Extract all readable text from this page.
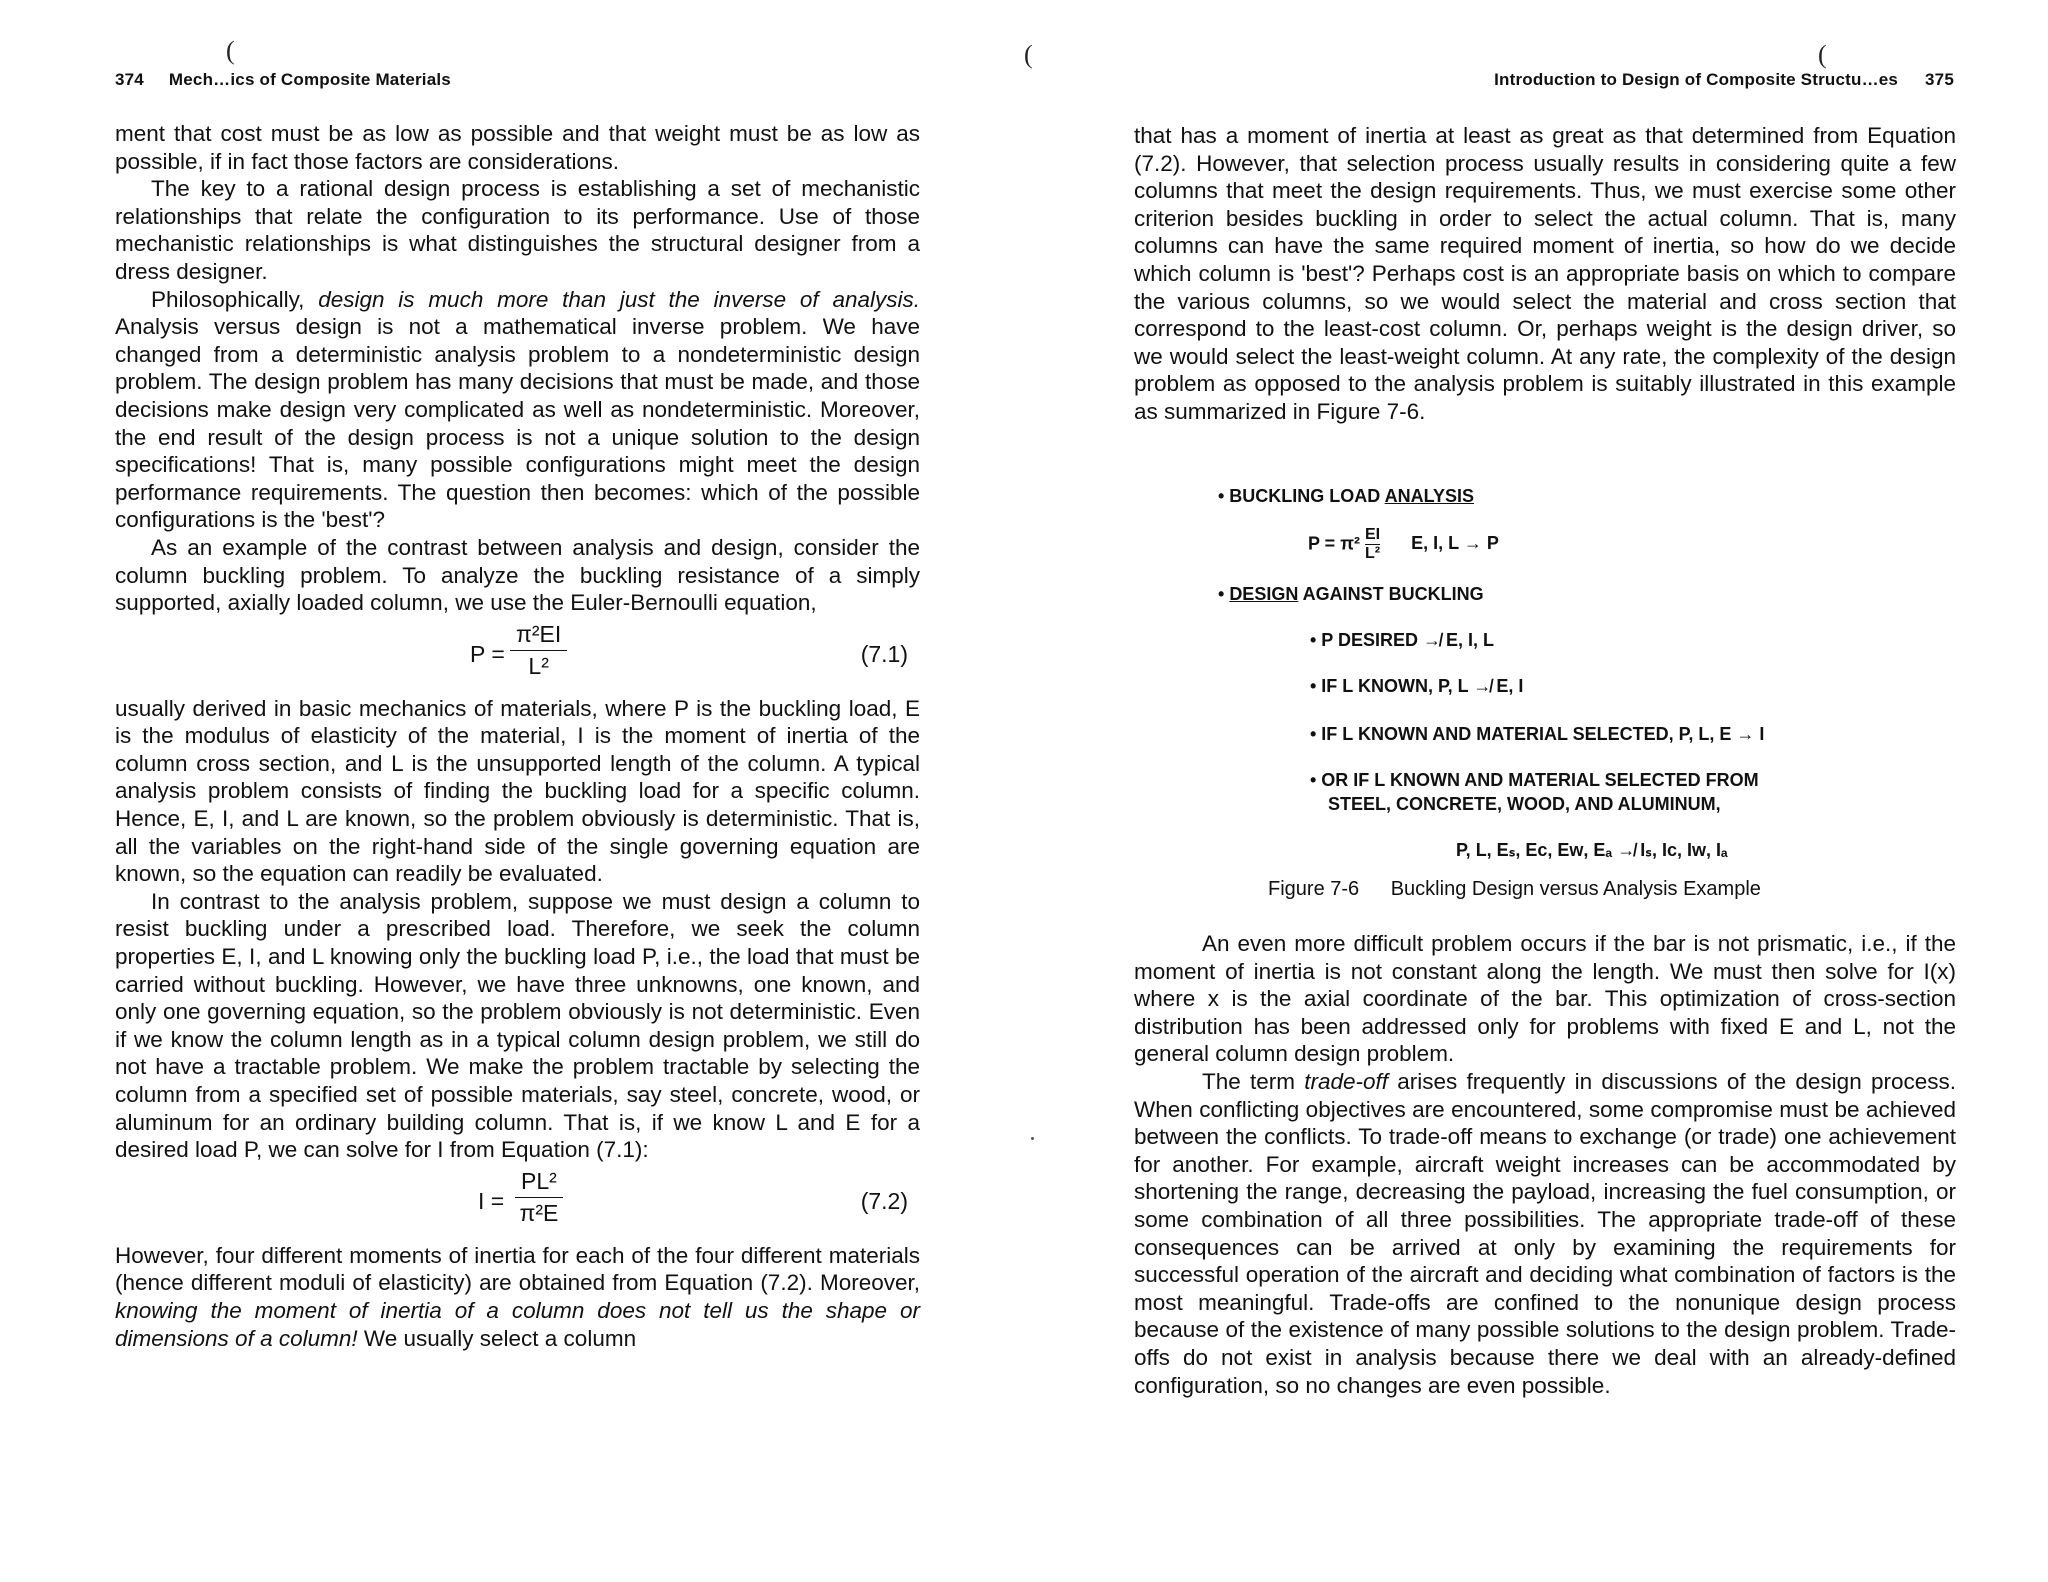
374 Mech…ics of Composite Materials
(

ment that cost must be as low as possible and that weight must be as low as possible, if in fact those factors are considerations.

The key to a rational design process is establishing a set of mechanistic relationships that relate the configuration to its performance. Use of those mechanistic relationships is what distinguishes the structural designer from a dress designer.

Philosophically, design is much more than just the inverse of analysis. Analysis versus design is not a mathematical inverse problem. We have changed from a deterministic analysis problem to a nondeterministic design problem. The design problem has many decisions that must be made, and those decisions make design very complicated as well as nondeterministic. Moreover, the end result of the design process is not a unique solution to the design specifications! That is, many possible configurations might meet the design performance requirements. The question then becomes: which of the possible configurations is the 'best'?

As an example of the contrast between analysis and design, consider the column buckling problem. To analyze the buckling resistance of a simply supported, axially loaded column, we use the Euler-Bernoulli equation,

$P = \frac{\text{π²EI}}{\text{L²}}$	(7.1)

usually derived in basic mechanics of materials, where P is the buckling load, E is the modulus of elasticity of the material, I is the moment of inertia of the column cross section, and L is the unsupported length of the column. A typical analysis problem consists of finding the buckling load for a specific column. Hence, E, I, and L are known, so the problem obviously is deterministic. That is, all the variables on the right-hand side of the single governing equation are known, so the equation can readily be evaluated.

In contrast to the analysis problem, suppose we must design a column to resist buckling under a prescribed load. Therefore, we seek the column properties E, I, and L knowing only the buckling load P, i.e., the load that must be carried without buckling. However, we have three unknowns, one known, and only one governing equation, so the problem obviously is not deterministic. Even if we know the column length as in a typical column design problem, we still do not have a tractable problem. We make the problem tractable by selecting the column from a specified set of possible materials, say steel, concrete, wood, or aluminum for an ordinary building column. That is, if we know L and E for a desired load P, we can solve for I from Equation (7.1):

$I = \frac{\text{PL²}}{\text{π²E}}$	(7.2)

However, four different moments of inertia for each of the four different materials (hence different moduli of elasticity) are obtained from Equation (7.2). Moreover, knowing the moment of inertia of a column does not tell us the shape or dimensions of a column! We usually select a column

(	(
Introduction to Design of Composite Structu…es 375

that has a moment of inertia at least as great as that determined from Equation (7.2). However, that selection process usually results in considering quite a few columns that meet the design requirements. Thus, we must exercise some other criterion besides buckling in order to select the actual column. That is, many columns can have the same required moment of inertia, so how do we decide which column is 'best'? Perhaps cost is an appropriate basis on which to compare the various columns, so we would select the material and cross section that correspond to the least-cost column. Or, perhaps weight is the design driver, so we would select the least-weight column. At any rate, the complexity of the design problem as opposed to the analysis problem is suitably illustrated in this example as summarized in Figure 7-6.

An even more difficult problem occurs if the bar is not prismatic, i.e., if the moment of inertia is not constant along the length. We must then solve for I(x) where x is the axial coordinate of the bar. This optimization of cross-section distribution has been addressed only for problems with fixed E and L, not the general column design problem.

The term trade-off arises frequently in discussions of the design process. When conflicting objectives are encountered, some compromise must be achieved between the conflicts. To trade-off means to exchange (or trade) one achievement for another. For example, aircraft weight increases can be accommodated by shortening the range, decreasing the payload, increasing the fuel consumption, or some combination of all three possibilities. The appropriate trade-off of these consequences can be arrived at only by examining the requirements for successful operation of the aircraft and deciding what combination of factors is the most meaningful. Trade-offs are confined to the nonunique design process because of the existence of many possible solutions to the design problem. Trade-offs do not exist in analysis because there we deal with an already-defined configuration, so no changes are even possible.

• BUCKLING LOAD ANALYSIS
$P = \pi^2 \frac{EI}{\text{L²}} E$, I, L → P
• DESIGN AGAINST BUCKLING
• P DESIRED ↛ E, I, L
• IF L KNOWN, P, L ↛ E, I
• IF L KNOWN AND MATERIAL SELECTED, P, L, E → I
• OR IF L KNOWN AND MATERIAL SELECTED FROM
STEEL, CONCRETE, WOOD, AND ALUMINUM,
P, L, Eₛ, Eᴄ, Eᴡ, Eₐ ↛ Iₛ, Iᴄ, Iᴡ, Iₐ
Figure 7-6 Buckling Design versus Analysis Example
